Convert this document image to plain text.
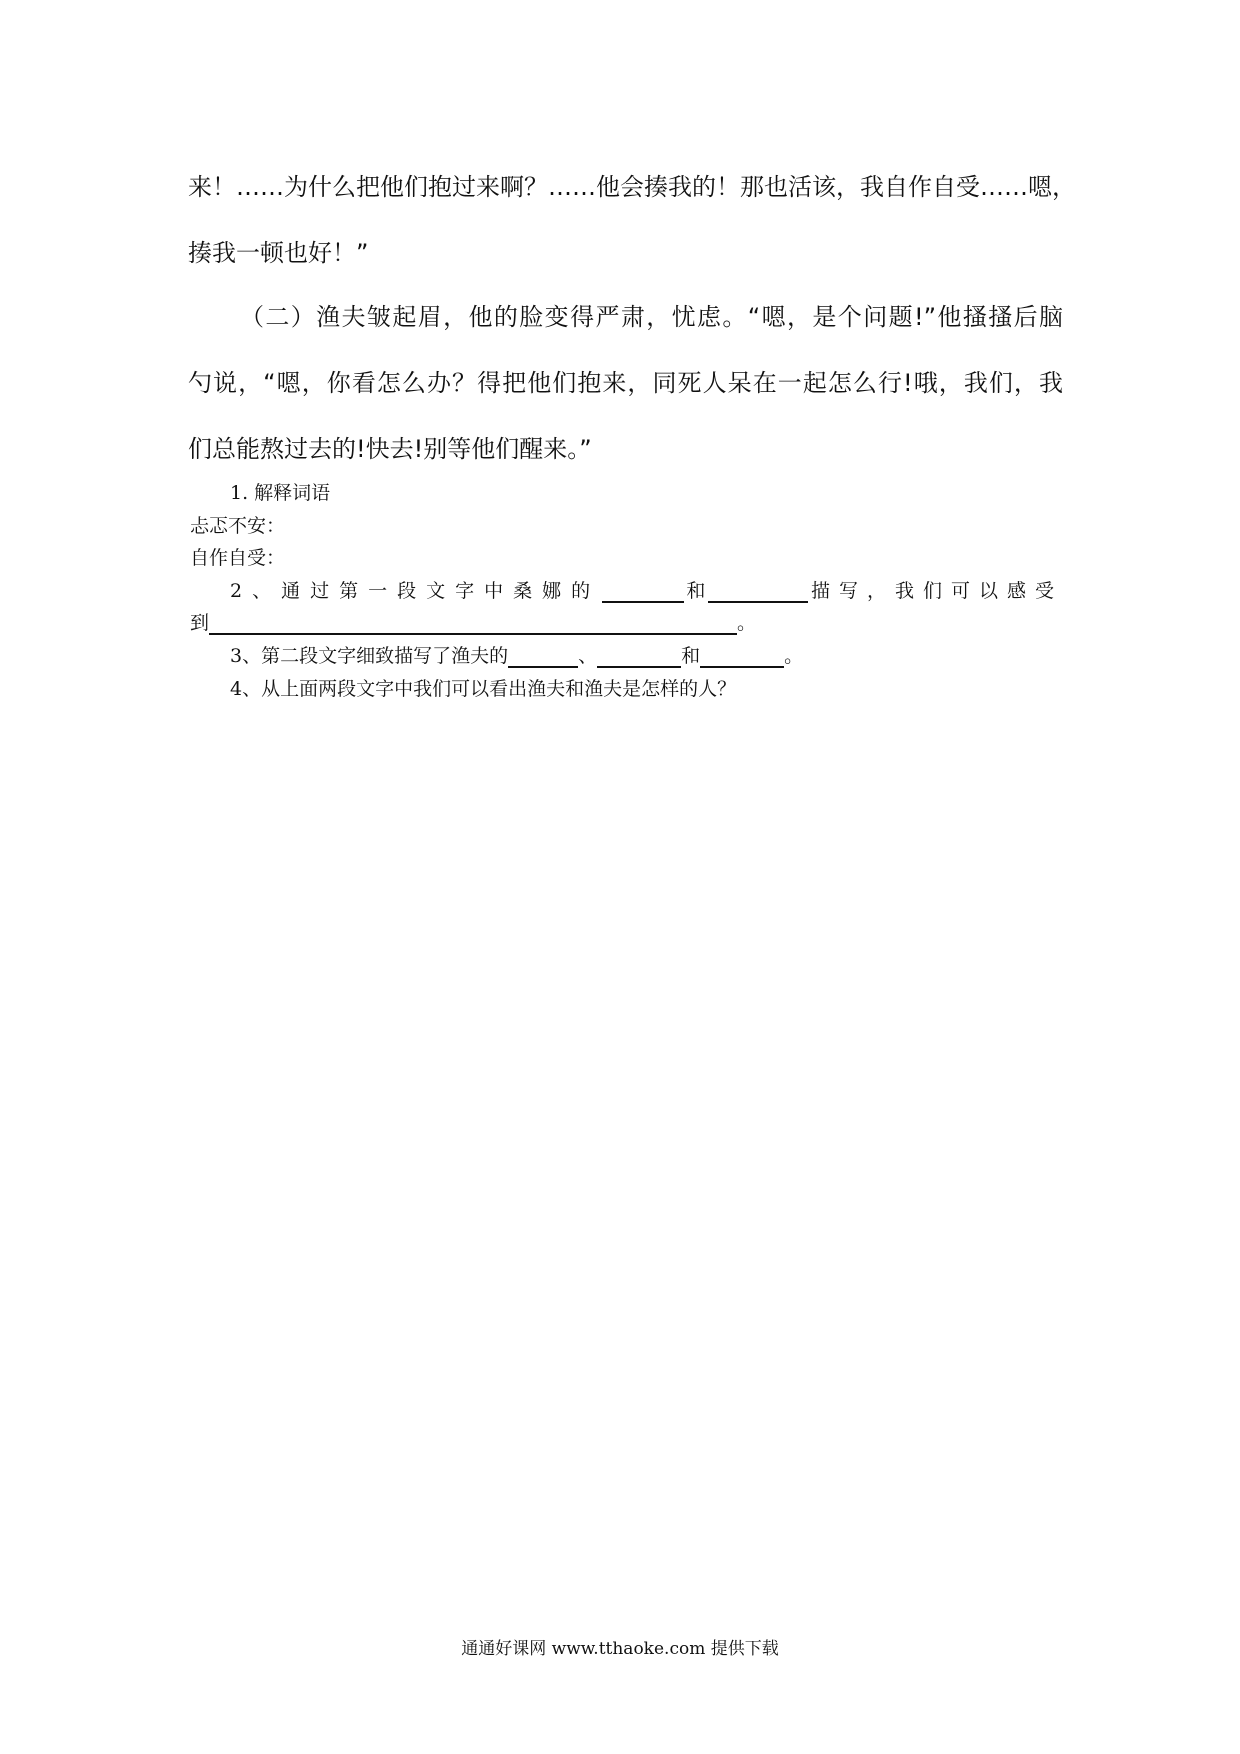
来！……为什么把他们抱过来啊？……他会揍我的！那也活该，我自作自受……嗯，
揍我一顿也好！”
（二）渔夫皱起眉，他的脸变得严肃，忧虑。“嗯，是个问题!”他搔搔后脑
勺说，“嗯，你看怎么办？得把他们抱来，同死人呆在一起怎么行!哦，我们，我
们总能熬过去的!快去!别等他们醒来。”
1. 解释词语
忐忑不安：
自作自受：
2、通过第一段文字中桑娜的	和	描写，我们可以感受
到	。
3、第二段文字细致描写了渔夫的	、	和	。
4、从上面两段文字中我们可以看出渔夫和渔夫是怎样的人？
通通好课网 www.tthaoke.com 提供下载
